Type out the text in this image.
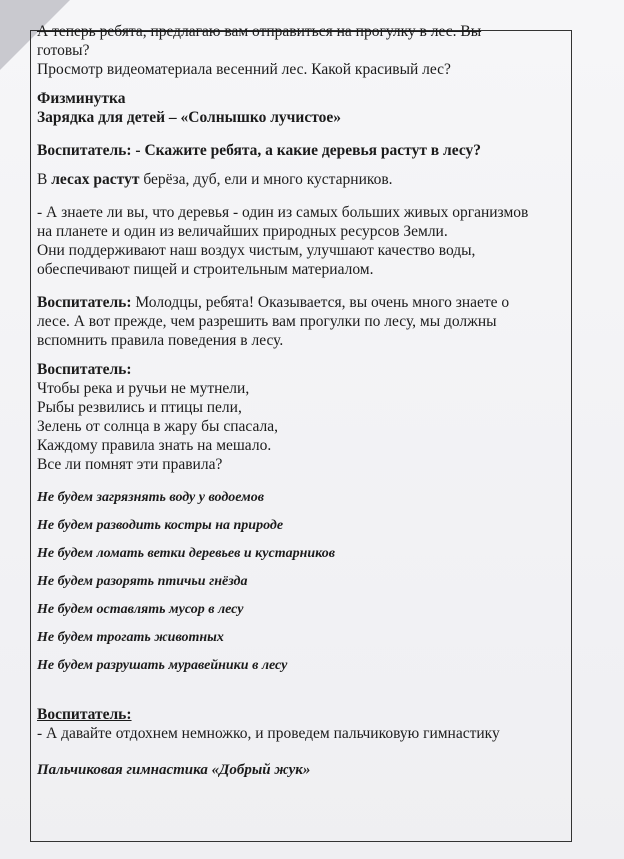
А теперь ребята, предлагаю вам отправиться на прогулку в лес. Вы

готовы?

Просмотр видеоматериала весенний лес. Какой красивый лес?

Физминутка

Зарядка для детей – «Солнышко лучистое»

Воспитатель: - Скажите ребята, а какие деревья растут в лесу?

В лесах растут берёза, дуб, ели и много кустарников.

- А знаете ли вы, что деревья - один из самых больших живых организмов

на планете и один из величайших природных ресурсов Земли.

Они поддерживают наш воздух чистым, улучшают качество воды,

обеспечивают пищей и строительным материалом.

Воспитатель: Молодцы, ребята! Оказывается, вы очень много знаете о

лесе. А вот прежде, чем разрешить вам прогулки по лесу, мы должны

вспомнить правила поведения в лесу.

Воспитатель:

Чтобы река и ручьи не мутнели,

Рыбы резвились и птицы пели,

Зелень от солнца в жару бы спасала,

Каждому правила знать на мешало.

Все ли помнят эти правила?

Не будем загрязнять воду у водоемов

Не будем разводить костры на природе

Не будем ломать ветки деревьев и кустарников

Не будем разорять птичьи гнёзда

Не будем оставлять мусор в лесу

Не будем трогать животных

Не будем разрушать муравейники в лесу

Воспитатель:

- А давайте отдохнем немножко, и проведем пальчиковую гимнастику

Пальчиковая гимнастика «Добрый жук»
